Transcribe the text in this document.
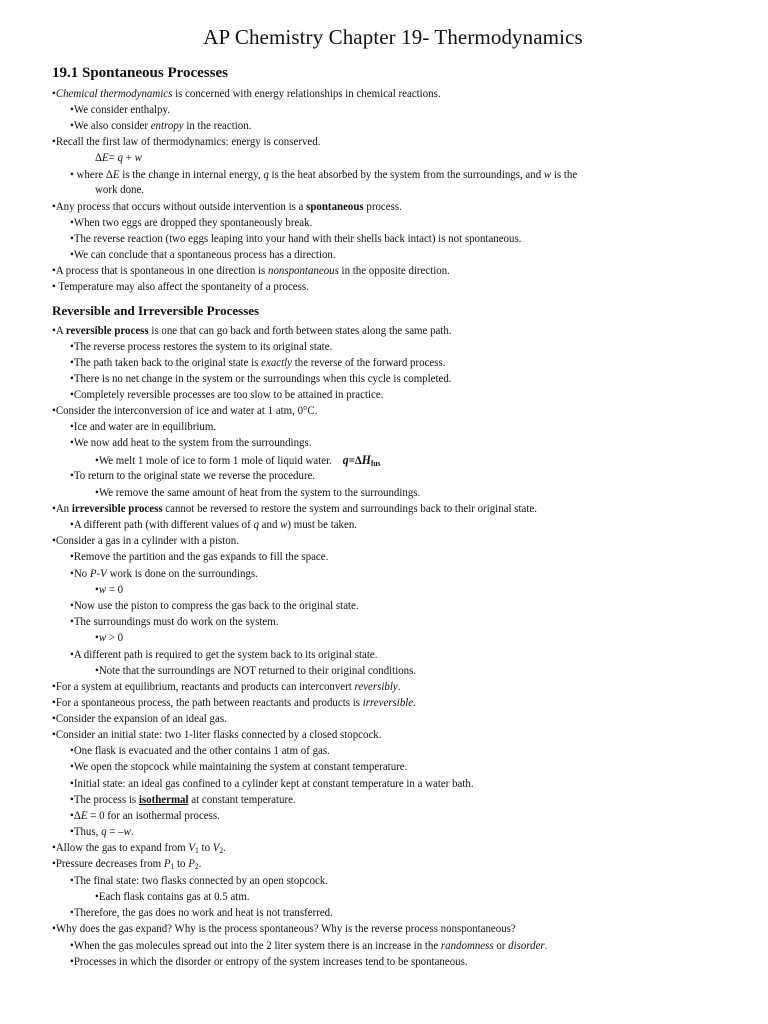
AP Chemistry Chapter 19- Thermodynamics
19.1 Spontaneous Processes
Reversible and Irreversible Processes
•Chemical thermodynamics is concerned with energy relationships in chemical reactions.
•We consider enthalpy.
•We also consider entropy in the reaction.
•Recall the first law of thermodynamics: energy is conserved.
ΔE= q + w
• where ΔE is the change in internal energy, q is the heat absorbed by the system from the surroundings, and w is the
work done.
•Any process that occurs without outside intervention is a spontaneous process.
•When two eggs are dropped they spontaneously break.
•The reverse reaction (two eggs leaping into your hand with their shells back intact) is not spontaneous.
•We can conclude that a spontaneous process has a direction.
•A process that is spontaneous in one direction is nonspontaneous in the opposite direction.
• Temperature may also affect the spontaneity of a process.
•A reversible process is one that can go back and forth between states along the same path.
•The reverse process restores the system to its original state.
•The path taken back to the original state is exactly the reverse of the forward process.
•There is no net change in the system or the surroundings when this cycle is completed.
•Completely reversible processes are too slow to be attained in practice.
•Consider the interconversion of ice and water at 1 atm, 0°C.
•Ice and water are in equilibrium.
•We now add heat to the system from the surroundings.
•We melt 1 mole of ice to form 1 mole of liquid water.    $q=\Delta H_{fus}$
•To return to the original state we reverse the procedure.
•We remove the same amount of heat from the system to the surroundings.
•An irreversible process cannot be reversed to restore the system and surroundings back to their original state.
•A different path (with different values of q and w) must be taken.
•Consider a gas in a cylinder with a piston.
•Remove the partition and the gas expands to fill the space.
•No P-V work is done on the surroundings.
•w = 0
•Now use the piston to compress the gas back to the original state.
•The surroundings must do work on the system.
•w > 0
•A different path is required to get the system back to its original state.
•Note that the surroundings are NOT returned to their original conditions.
•For a system at equilibrium, reactants and products can interconvert reversibly.
•For a spontaneous process, the path between reactants and products is irreversible.
•Consider the expansion of an ideal gas.
•Consider an initial state: two 1-liter flasks connected by a closed stopcock.
•One flask is evacuated and the other contains 1 atm of gas.
•We open the stopcock while maintaining the system at constant temperature.
•Initial state: an ideal gas confined to a cylinder kept at constant temperature in a water bath.
•The process is isothermal at constant temperature.
•ΔE = 0 for an isothermal process.
•Thus, q = –w.
•Allow the gas to expand from $V_1$ to $V_2$.
•Pressure decreases from $P_1$ to $P_2$.
•The final state: two flasks connected by an open stopcock.
•Each flask contains gas at 0.5 atm.
•Therefore, the gas does no work and heat is not transferred.
•Why does the gas expand? Why is the process spontaneous? Why is the reverse process nonspontaneous?
•When the gas molecules spread out into the 2 liter system there is an increase in the randomness or disorder.
•Processes in which the disorder or entropy of the system increases tend to be spontaneous.
